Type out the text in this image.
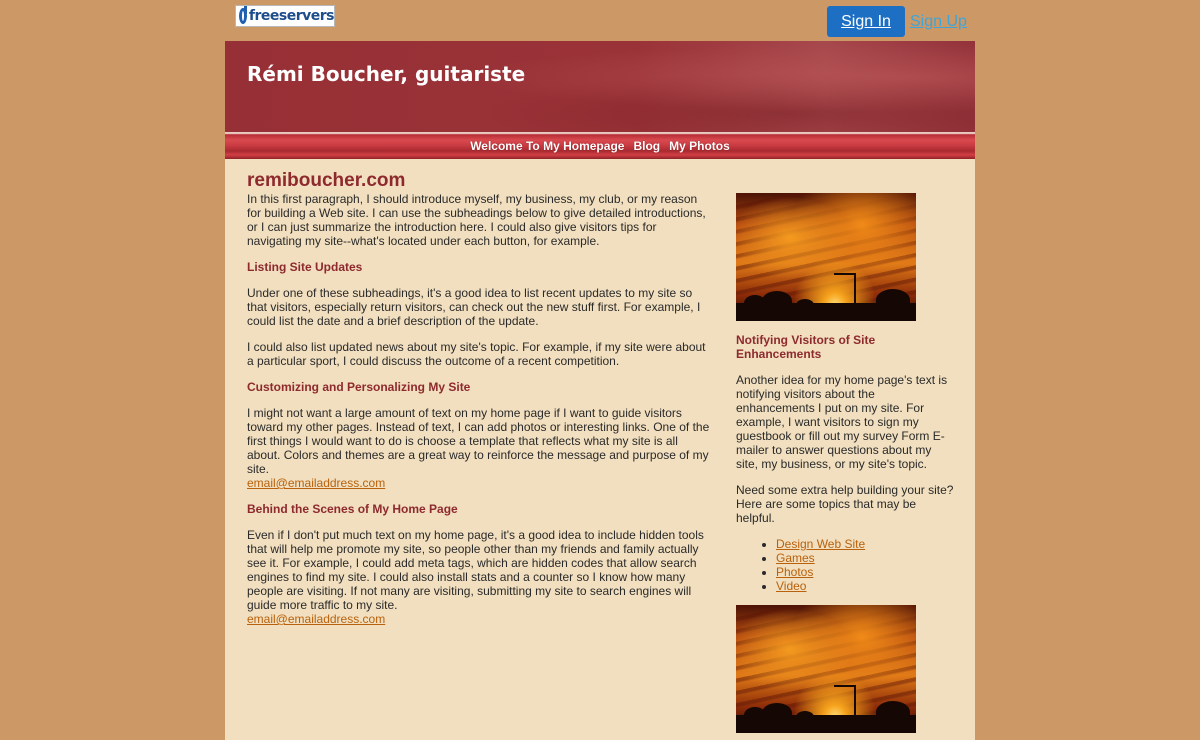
freeservers	Sign In	Sign Up
Rémi Boucher, guitariste
Welcome To My Homepage Blog My Photos
remiboucher.com

In this first paragraph, I should introduce myself, my business, my club, or my reason for building a Web site. I can use the subheadings below to give detailed introductions, or I can just summarize the introduction here. I could also give visitors tips for navigating my site--what's located under each button, for example.

Listing Site Updates

Under one of these subheadings, it's a good idea to list recent updates to my site so that visitors, especially return visitors, can check out the new stuff first. For example, I could list the date and a brief description of the update.

I could also list updated news about my site's topic. For example, if my site were about a particular sport, I could discuss the outcome of a recent competition.

Customizing and Personalizing My Site

I might not want a large amount of text on my home page if I want to guide visitors toward my other pages. Instead of text, I can add photos or interesting links. One of the first things I would want to do is choose a template that reflects what my site is all about. Colors and themes are a great way to reinforce the message and purpose of my site.

email@emailaddress.com
Behind the Scenes of My Home Page

Even if I don't put much text on my home page, it's a good idea to include hidden tools that will help me promote my site, so people other than my friends and family actually see it. For example, I could add meta tags, which are hidden codes that allow search engines to find my site. I could also install stats and a counter so I know how many people are visiting. If not many are visiting, submitting my site to search engines will guide more traffic to my site.

email@emailaddress.com
Notifying Visitors of Site Enhancements

Another idea for my home page's text is notifying visitors about the enhancements I put on my site. For example, I want visitors to sign my guestbook or fill out my survey Form E-mailer to answer questions about my site, my business, or my site's topic.

Need some extra help building your site? Here are some topics that may be helpful.

• Design Web Site
• Games
• Photos
• Video
